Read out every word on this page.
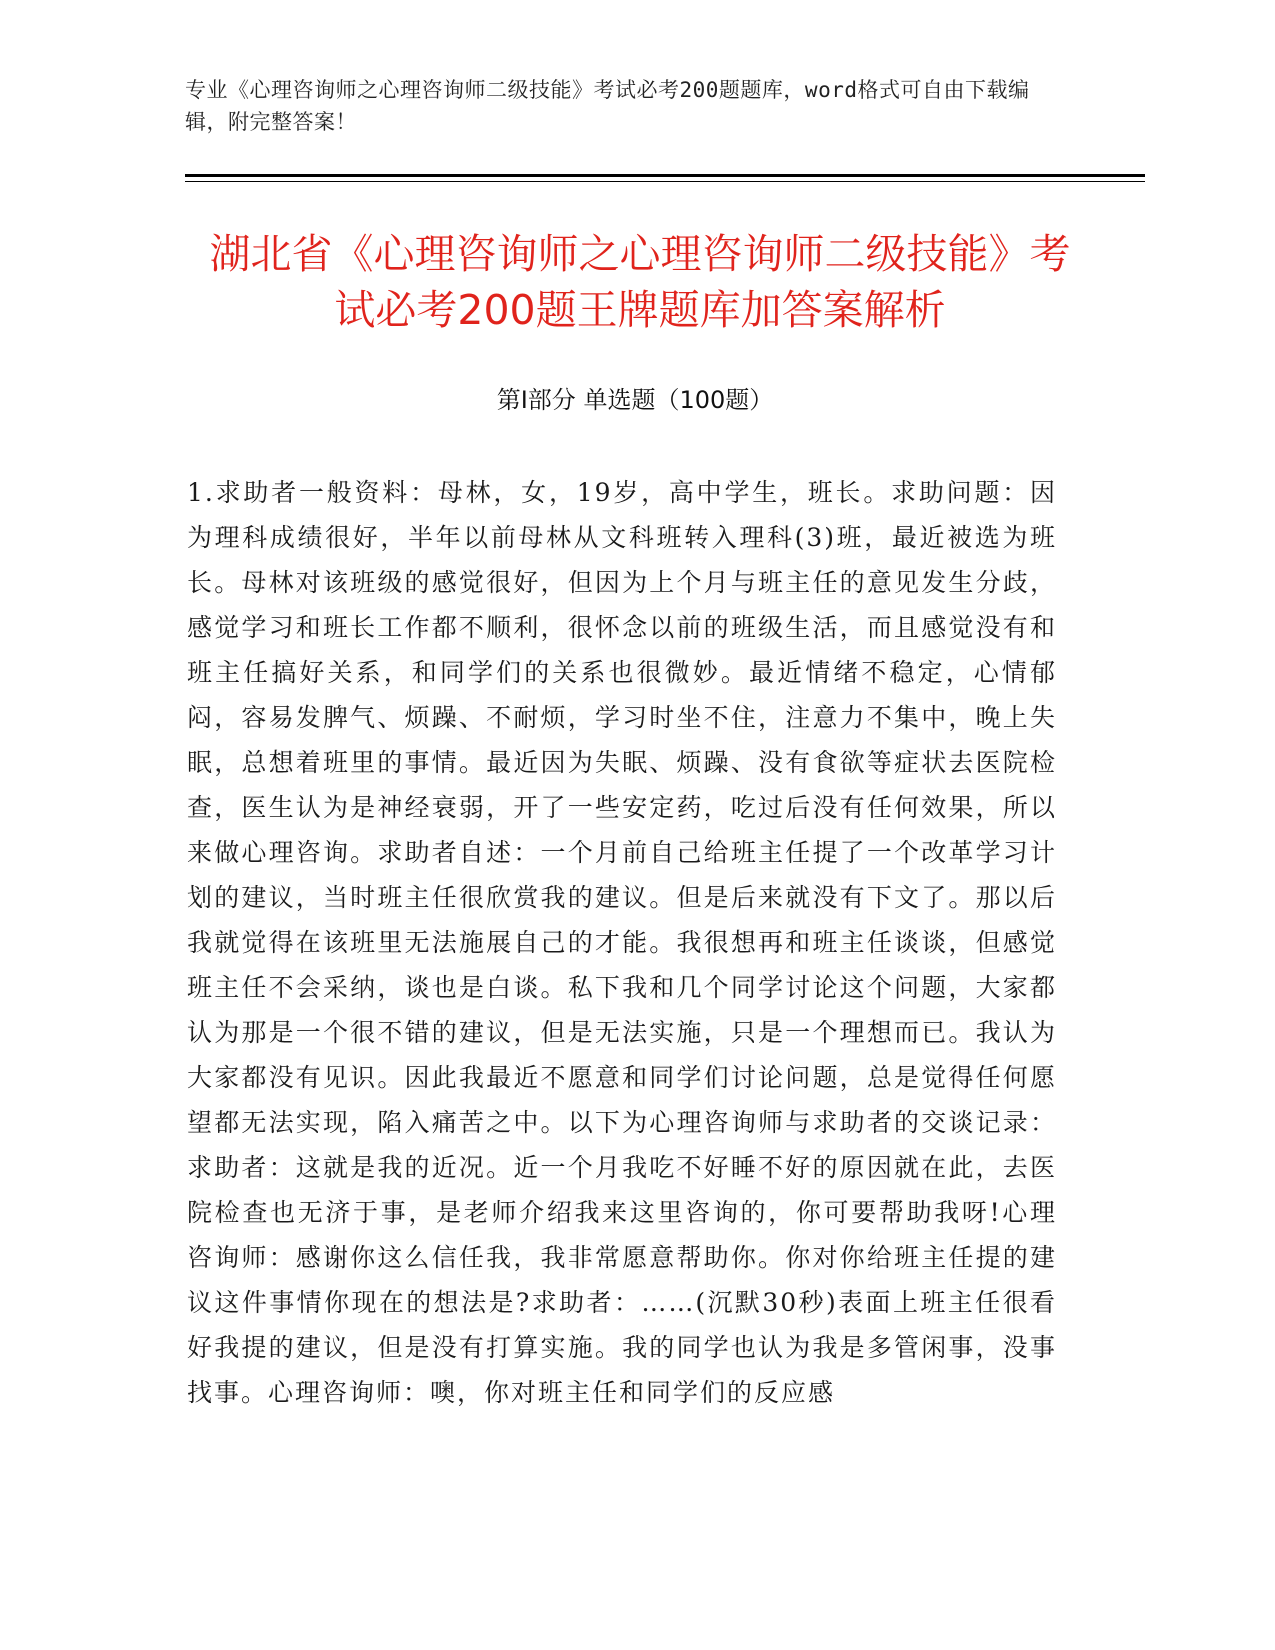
专业《心理咨询师之心理咨询师二级技能》考试必考200题题库，word格式可自由下载编辑，附完整答案！
湖北省《心理咨询师之心理咨询师二级技能》考试必考200题王牌题库加答案解析
第I部分 单选题（100题）

1.求助者一般资料：母林，女，19岁，高中学生，班长。求助问题：因为理科成绩很好，半年以前母林从文科班转入理科(3)班，最近被选为班长。母林对该班级的感觉很好，但因为上个月与班主任的意见发生分歧，感觉学习和班长工作都不顺利，很怀念以前的班级生活，而且感觉没有和班主任搞好关系，和同学们的关系也很微妙。最近情绪不稳定，心情郁闷，容易发脾气、烦躁、不耐烦，学习时坐不住，注意力不集中，晚上失眠，总想着班里的事情。最近因为失眠、烦躁、没有食欲等症状去医院检查，医生认为是神经衰弱，开了一些安定药，吃过后没有任何效果，所以来做心理咨询。求助者自述：一个月前自己给班主任提了一个改革学习计划的建议，当时班主任很欣赏我的建议。但是后来就没有下文了。那以后我就觉得在该班里无法施展自己的才能。我很想再和班主任谈谈，但感觉班主任不会采纳，谈也是白谈。私下我和几个同学讨论这个问题，大家都认为那是一个很不错的建议，但是无法实施，只是一个理想而已。我认为大家都没有见识。因此我最近不愿意和同学们讨论问题，总是觉得任何愿望都无法实现，陷入痛苦之中。以下为心理咨询师与求助者的交谈记录：求助者：这就是我的近况。近一个月我吃不好睡不好的原因就在此，去医院检查也无济于事，是老师介绍我来这里咨询的，你可要帮助我呀!心理咨询师：感谢你这么信任我，我非常愿意帮助你。你对你给班主任提的建议这件事情你现在的想法是?求助者：……(沉默30秒)表面上班主任很看好我提的建议，但是没有打算实施。我的同学也认为我是多管闲事，没事找事。心理咨询师：噢，你对班主任和同学们的反应感
